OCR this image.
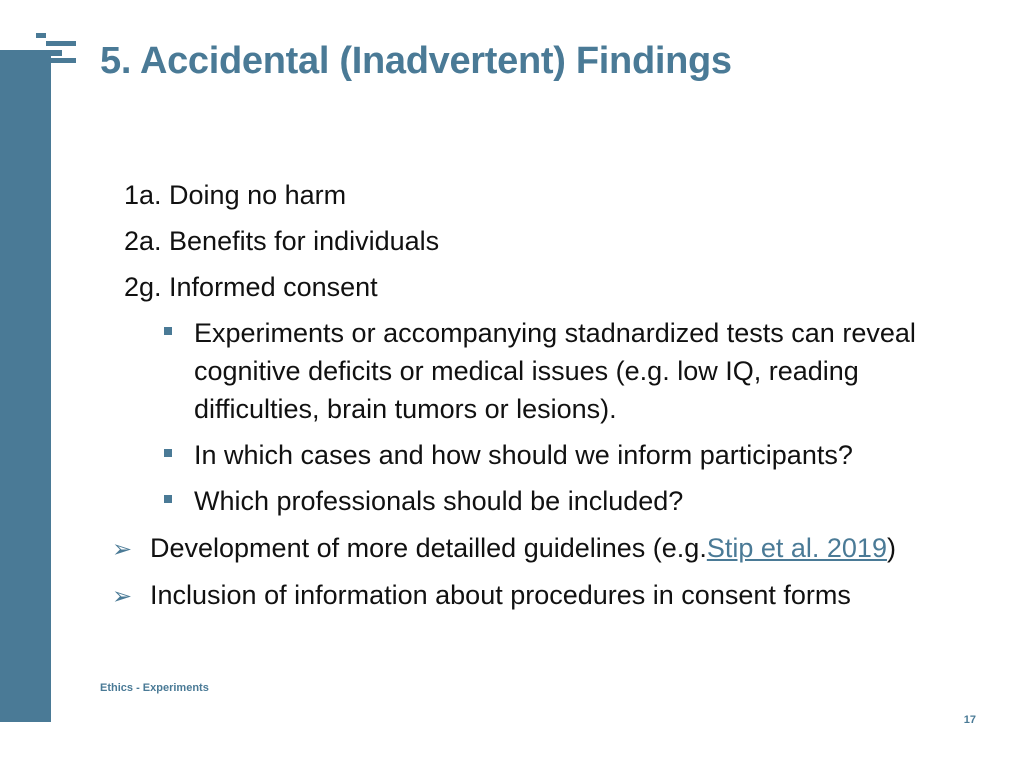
5. Accidental (Inadvertent) Findings
1a. Doing no harm
2a. Benefits for individuals
2g. Informed consent
Experiments or accompanying stadnardized tests can reveal
cognitive deficits or medical issues (e.g. low IQ, reading
difficulties, brain tumors or lesions).
In which cases and how should we inform participants?
Which professionals should be included?
➢ Development of more detailled guidelines (e.g.Stip et al. 2019)
➢ Inclusion of information about procedures in consent forms
Ethics - Experiments
17
